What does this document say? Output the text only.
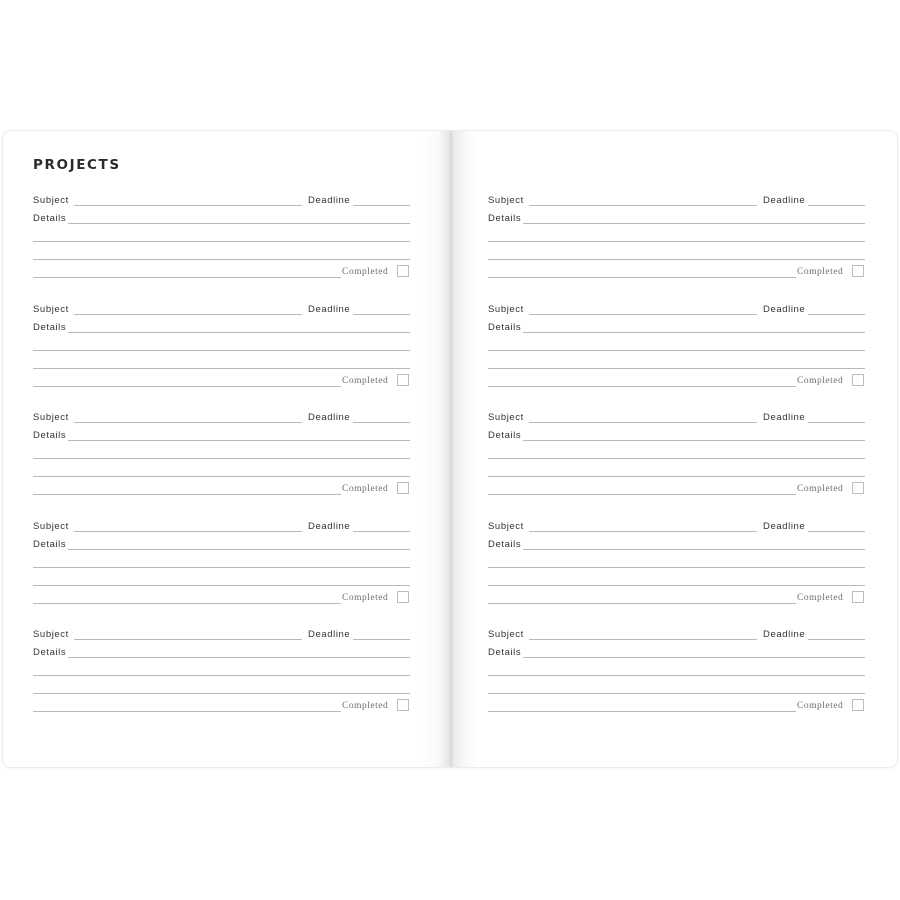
PROJECTS
Subject	Deadline
Details
Completed
Subject	Deadline
Details
Completed
Subject	Deadline
Details
Completed
Subject	Deadline
Details
Completed
Subject	Deadline
Details
Completed
Subject	Deadline
Details
Completed
Subject	Deadline
Details
Completed
Subject	Deadline
Details
Completed
Subject	Deadline
Details
Completed
Subject	Deadline
Details
Completed
